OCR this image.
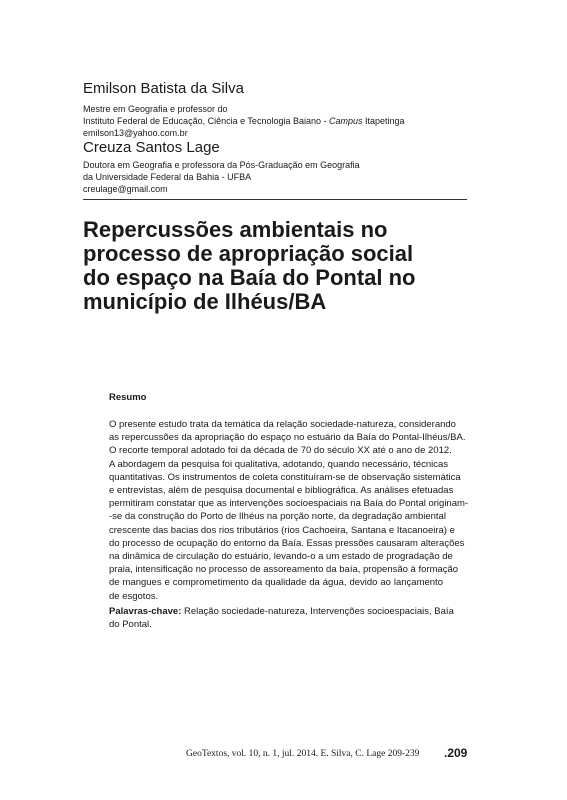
Emilson Batista da Silva
Mestre em Geografia e professor do
Instituto Federal de Educação, Ciência e Tecnologia Baiano - Campus Itapetinga
emilson13@yahoo.com.br
Creuza Santos Lage
Doutora em Geografia e professora da Pós-Graduação em Geografia
da Universidade Federal da Bahia - UFBA
creulage@gmail.com
Repercussões ambientais no
processo de apropriação social
do espaço na Baía do Pontal no
município de Ilhéus/BA
Resumo
O presente estudo trata da temática da relação sociedade-natureza, considerando
as repercussões da apropriação do espaço no estuário da Baía do Pontal-Ilhéus/BA.
O recorte temporal adotado foi da década de 70 do século XX até o ano de 2012.
A abordagem da pesquisa foi qualitativa, adotando, quando necessário, técnicas
quantitativas. Os instrumentos de coleta constituíram-se de observação sistemática
e entrevistas, além de pesquisa documental e bibliográfica. As análises efetuadas
permitiram constatar que as intervenções socioespaciais na Baía do Pontal originam-
-se da construção do Porto de Ilhéus na porção norte, da degradação ambiental
crescente das bacias dos rios tributários (rios Cachoeira, Santana e Itacanoeira) e
do processo de ocupação do entorno da Baía. Essas pressões causaram alterações
na dinâmica de circulação do estuário, levando-o a um estado de progradação de
praia, intensificação no processo de assoreamento da baía, propensão à formação
de mangues e comprometimento da qualidade da água, devido ao lançamento
de esgotos.
Palavras-chave: Relação sociedade-natureza, Intervenções socioespaciais, Baía
do Pontal.
GeoTextos, vol. 10, n. 1, jul. 2014. E. Silva, C. Lage 209-239 .209
